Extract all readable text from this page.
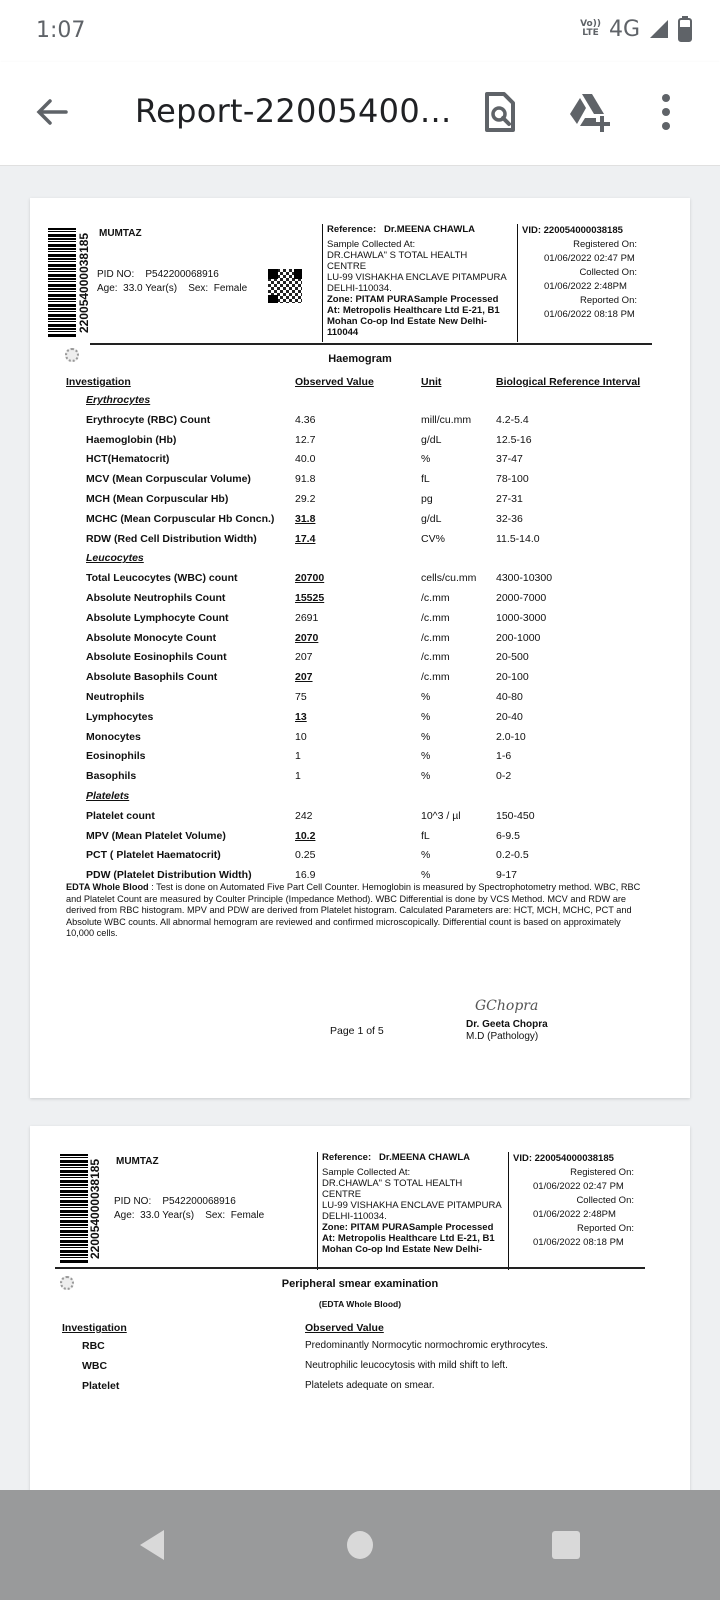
1:07	Vo))
LTE 4G
Report-22005400...
220054000038185 MUMTAZ
PID NO: P542200068916
Age: 33.0 Year(s) Sex: Female
Reference: Dr.MEENA CHAWLA
Sample Collected At:
DR.CHAWLA" S TOTAL HEALTH
CENTRE
LU-99 VISHAKHA ENCLAVE PITAMPURA
DELHI-110034.
Zone: PITAM PURASample Processed
At: Metropolis Healthcare Ltd E-21, B1
Mohan Co-op Ind Estate New Delhi-
110044
VID: 220054000038185
Registered On:
01/06/2022 02:47 PM
Collected On:
01/06/2022 2:48PM
Reported On:
01/06/2022 08:18 PM
Haemogram
Investigation	Observed Value	Unit	Biological Reference Interval
Erythrocytes
Erythrocyte (RBC) Count	4.36	mill/cu.mm 4.2-5.4
Haemoglobin (Hb)	12.7	g/dL	12.5-16
HCT(Hematocrit)	40.0	%	37-47
MCV (Mean Corpuscular Volume)	91.8	fL	78-100
MCH (Mean Corpuscular Hb)	29.2	pg	27-31
MCHC (Mean Corpuscular Hb Concn.) 31.8	g/dL	32-36
RDW (Red Cell Distribution Width)	17.4	CV%	11.5-14.0
Leucocytes
Total Leucocytes (WBC) count	20700	cells/cu.mm 4300-10300
Absolute Neutrophils Count	15525	/c.mm	2000-7000
Absolute Lymphocyte Count	2691	/c.mm	1000-3000
Absolute Monocyte Count	2070	/c.mm	200-1000
Absolute Eosinophils Count	207	/c.mm	20-500
Absolute Basophils Count	207	/c.mm	20-100
Neutrophils	75	%	40-80
Lymphocytes	13	%	20-40
Monocytes	10	%	2.0-10
Eosinophils	1	%	1-6
Basophils	1	%	0-2
Platelets
Platelet count	242	10^3 / µl	150-450
MPV (Mean Platelet Volume)	10.2	fL	6-9.5
PCT ( Platelet Haematocrit)	0.25	%	0.2-0.5
PDW (Platelet Distribution Width)	16.9	%	9-17
EDTA Whole Blood : Test is done on Automated Five Part Cell Counter. Hemoglobin is measured by Spectrophotometry method. WBC, RBC and Platelet Count are measured by Coulter Principle (Impedance Method). WBC Differential is done by VCS Method. MCV and RDW are derived from RBC histogram. MPV and PDW are derived from Platelet histogram. Calculated Parameters are: HCT, MCH, MCHC, PCT and Absolute WBC counts. All abnormal hemogram are reviewed and confirmed microscopically. Differential count is based on approximately 10,000 cells.
Page 1 of 5
GChopra
Dr. Geeta Chopra
M.D (Pathology)
220054000038185 MUMTAZ
PID NO: P542200068916
Age: 33.0 Year(s) Sex: Female
Reference: Dr.MEENA CHAWLA
Sample Collected At:
DR.CHAWLA" S TOTAL HEALTH
CENTRE
LU-99 VISHAKHA ENCLAVE PITAMPURA
DELHI-110034.
Zone: PITAM PURASample Processed
At: Metropolis Healthcare Ltd E-21, B1
Mohan Co-op Ind Estate New Delhi-
VID: 220054000038185
Registered On:
01/06/2022 02:47 PM
Collected On:
01/06/2022 2:48PM
Reported On:
01/06/2022 08:18 PM
Peripheral smear examination
(EDTA Whole Blood)
Investigation	Observed Value
RBC	Predominantly Normocytic normochromic erythrocytes.
WBC	Neutrophilic leucocytosis with mild shift to left.
Platelet	Platelets adequate on smear.
